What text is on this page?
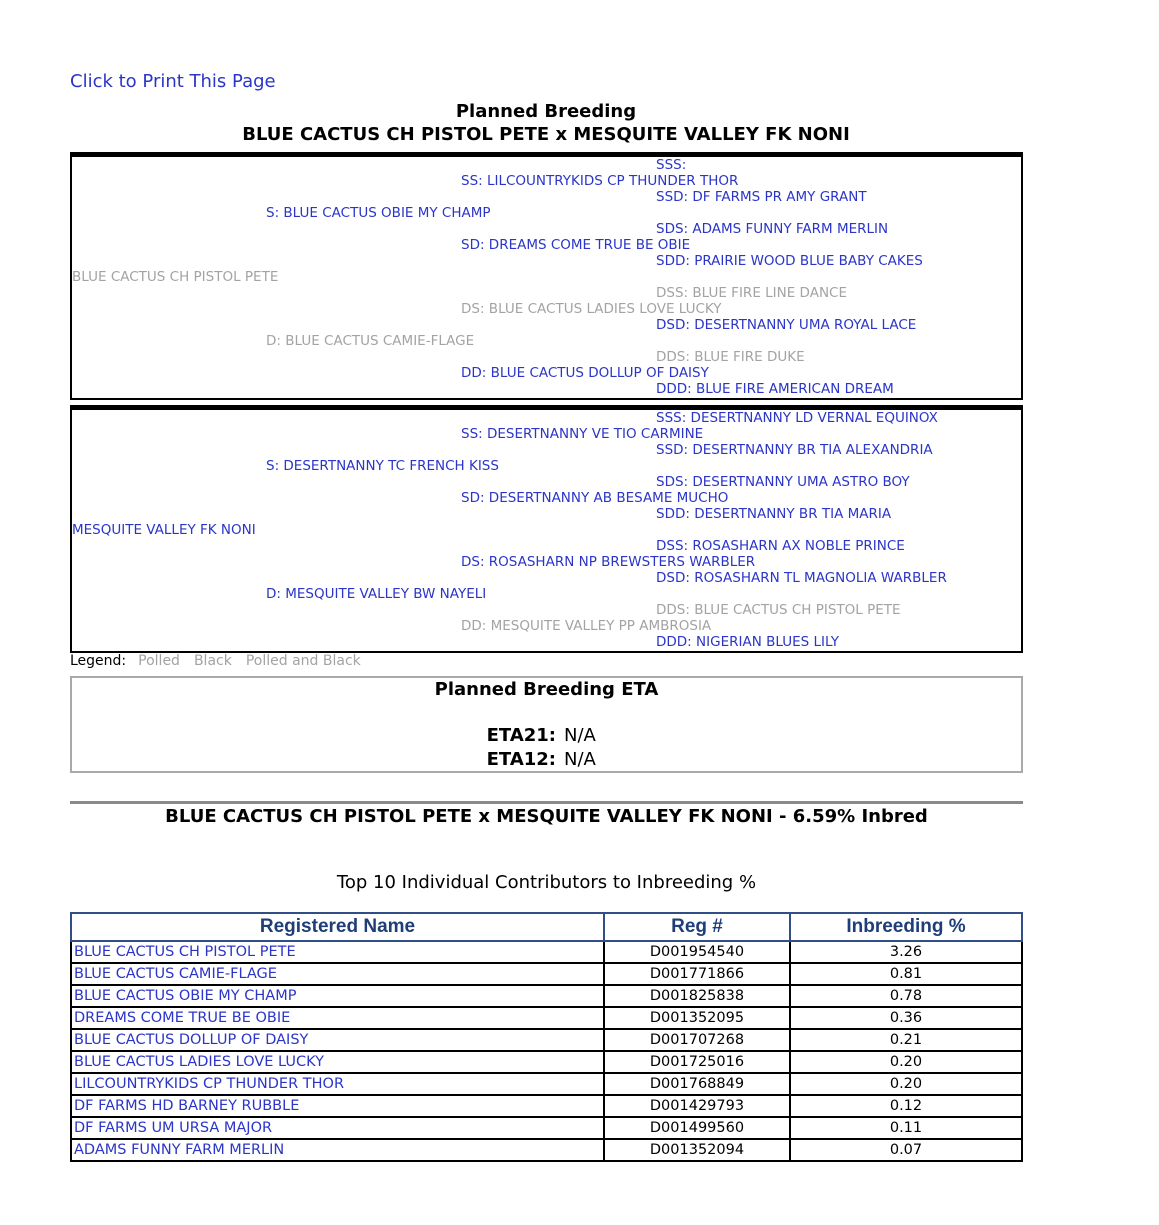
Click to Print This Page
Planned Breeding
BLUE CACTUS CH PISTOL PETE x MESQUITE VALLEY FK NONI
SSS:
SS: LILCOUNTRYKIDS CP THUNDER THOR
SSD: DF FARMS PR AMY GRANT
S: BLUE CACTUS OBIE MY CHAMP
SDS: ADAMS FUNNY FARM MERLIN
SD: DREAMS COME TRUE BE OBIE
SDD: PRAIRIE WOOD BLUE BABY CAKES
BLUE CACTUS CH PISTOL PETE
DSS: BLUE FIRE LINE DANCE
DS: BLUE CACTUS LADIES LOVE LUCKY
DSD: DESERTNANNY UMA ROYAL LACE
D: BLUE CACTUS CAMIE-FLAGE
DDS: BLUE FIRE DUKE
DD: BLUE CACTUS DOLLUP OF DAISY
DDD: BLUE FIRE AMERICAN DREAM
SSS: DESERTNANNY LD VERNAL EQUINOX
SS: DESERTNANNY VE TIO CARMINE
SSD: DESERTNANNY BR TIA ALEXANDRIA
S: DESERTNANNY TC FRENCH KISS
SDS: DESERTNANNY UMA ASTRO BOY
SD: DESERTNANNY AB BESAME MUCHO
SDD: DESERTNANNY BR TIA MARIA
MESQUITE VALLEY FK NONI
DSS: ROSASHARN AX NOBLE PRINCE
DS: ROSASHARN NP BREWSTERS WARBLER
DSD: ROSASHARN TL MAGNOLIA WARBLER
D: MESQUITE VALLEY BW NAYELI
DDS: BLUE CACTUS CH PISTOL PETE
DD: MESQUITE VALLEY PP AMBROSIA
DDD: NIGERIAN BLUES LILY
Legend: Polled Black Polled and Black
Planned Breeding ETA
ETA21: N/A
ETA12: N/A
BLUE CACTUS CH PISTOL PETE x MESQUITE VALLEY FK NONI - 6.59% Inbred
Top 10 Individual Contributors to Inbreeding %
Registered Name	Reg #	Inbreeding %
BLUE CACTUS CH PISTOL PETE	D001954540	3.26
BLUE CACTUS CAMIE-FLAGE	D001771866	0.81
BLUE CACTUS OBIE MY CHAMP	D001825838	0.78
DREAMS COME TRUE BE OBIE	D001352095	0.36
BLUE CACTUS DOLLUP OF DAISY	D001707268	0.21
BLUE CACTUS LADIES LOVE LUCKY	D001725016	0.20
LILCOUNTRYKIDS CP THUNDER THOR	D001768849	0.20
DF FARMS HD BARNEY RUBBLE	D001429793	0.12
DF FARMS UM URSA MAJOR	D001499560	0.11
ADAMS FUNNY FARM MERLIN	D001352094	0.07
